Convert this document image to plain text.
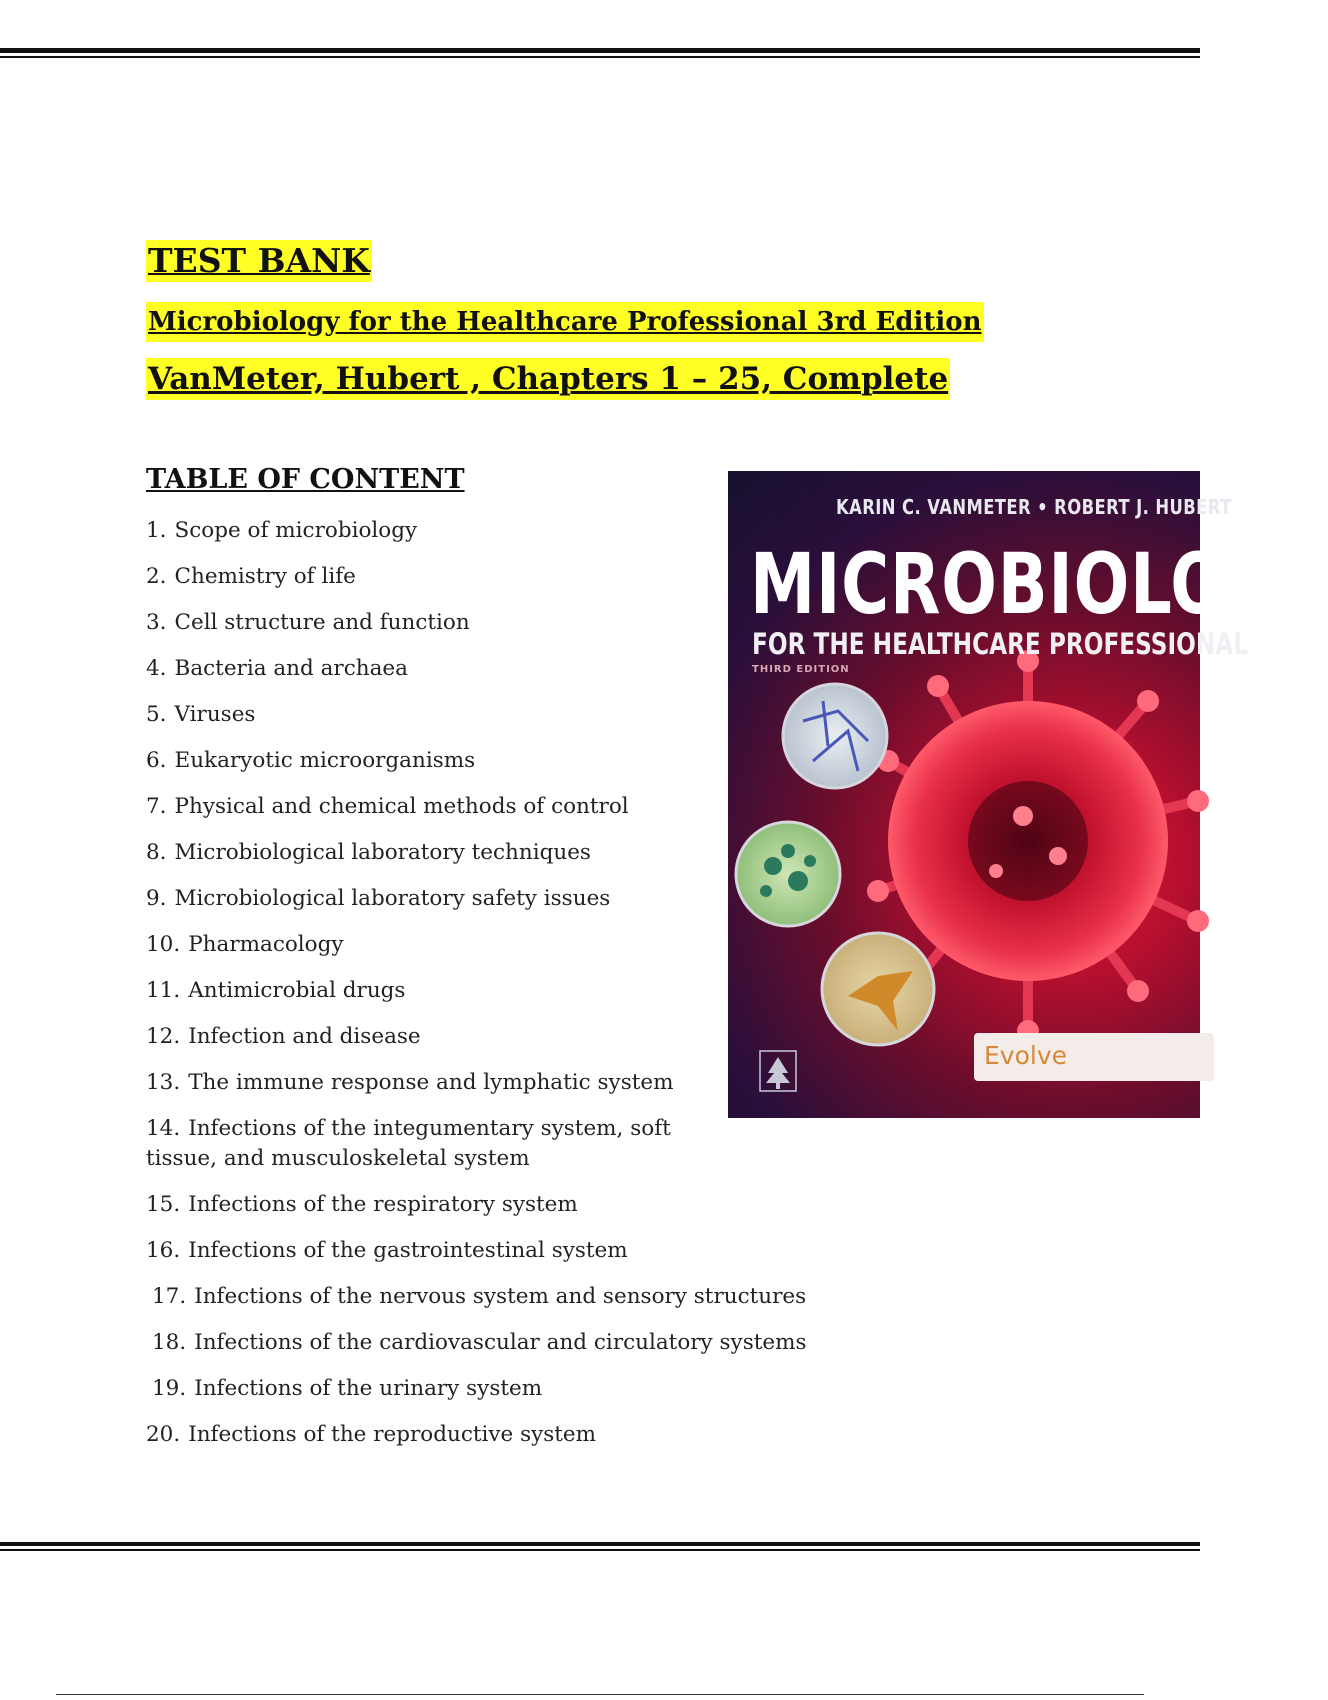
TEST BANK
Microbiology for the Healthcare Professional 3rd Edition
VanMeter, Hubert , Chapters 1 – 25, Complete
TABLE OF CONTENT
1. Scope of microbiology
2. Chemistry of life
3. Cell structure and function
4. Bacteria and archaea
5. Viruses
6. Eukaryotic microorganisms
7. Physical and chemical methods of control
8. Microbiological laboratory techniques
9. Microbiological laboratory safety issues
10. Pharmacology
11. Antimicrobial drugs
12. Infection and disease
13. The immune response and lymphatic system
14. Infections of the integumentary system, soft
tissue, and musculoskeletal system
15. Infections of the respiratory system
16. Infections of the gastrointestinal system
17. Infections of the nervous system and sensory structures
18. Infections of the cardiovascular and circulatory systems
19. Infections of the urinary system
20. Infections of the reproductive system
KARIN C. VANMETER • ROBERT J. HUBERT
MICROBIOLOGY
FOR THE HEALTHCARE PROFESSIONAL
THIRD EDITION
Evolve
